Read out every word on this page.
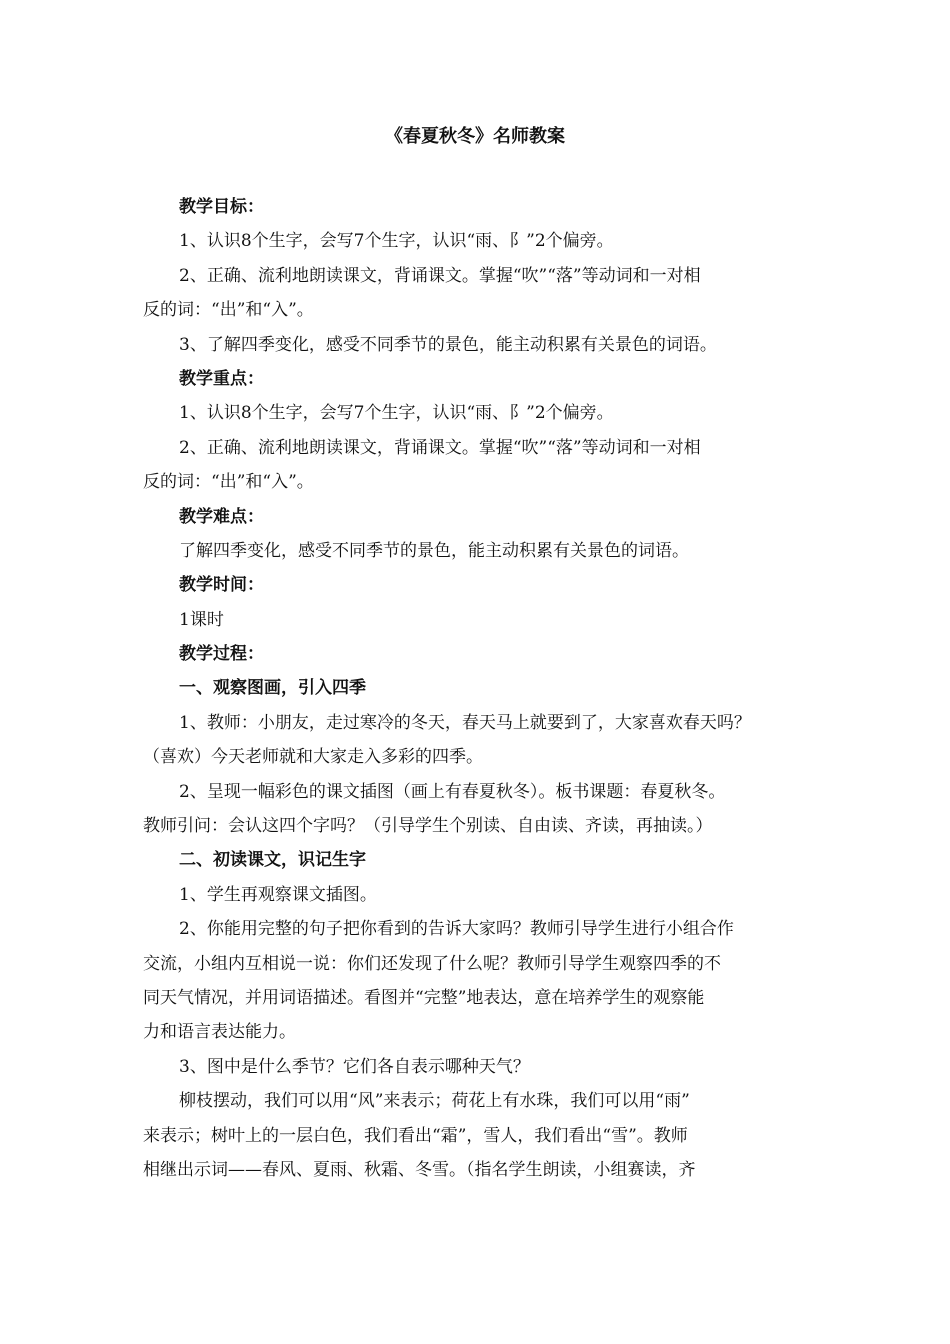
《春夏秋冬》名师教案

教学目标：

1、认识8个生字，会写7个生字，认识“雨、阝”2个偏旁。

2、正确、流利地朗读课文，背诵课文。掌握“吹”“落”等动词和一对相

反的词：“出”和“入”。

3、了解四季变化，感受不同季节的景色，能主动积累有关景色的词语。

教学重点：

1、认识8个生字，会写7个生字，认识“雨、阝”2个偏旁。

2、正确、流利地朗读课文，背诵课文。掌握“吹”“落”等动词和一对相

反的词：“出”和“入”。

教学难点：

了解四季变化，感受不同季节的景色，能主动积累有关景色的词语。

教学时间：

1课时

教学过程：

一、观察图画，引入四季

1、教师：小朋友，走过寒冷的冬天，春天马上就要到了，大家喜欢春天吗？

（喜欢）今天老师就和大家走入多彩的四季。

2、呈现一幅彩色的课文插图（画上有春夏秋冬）。板书课题：春夏秋冬。

教师引问：会认这四个字吗？（引导学生个别读、自由读、齐读，再抽读。）

二、初读课文，识记生字

1、学生再观察课文插图。

2、你能用完整的句子把你看到的告诉大家吗？教师引导学生进行小组合作

交流，小组内互相说一说：你们还发现了什么呢？教师引导学生观察四季的不

同天气情况，并用词语描述。看图并“完整”地表达，意在培养学生的观察能

力和语言表达能力。

3、图中是什么季节？它们各自表示哪种天气？

柳枝摆动，我们可以用“风”来表示；荷花上有水珠，我们可以用“雨”

来表示；树叶上的一层白色，我们看出“霜”，雪人，我们看出“雪”。教师

相继出示词——春风、夏雨、秋霜、冬雪。（指名学生朗读，小组赛读，齐
